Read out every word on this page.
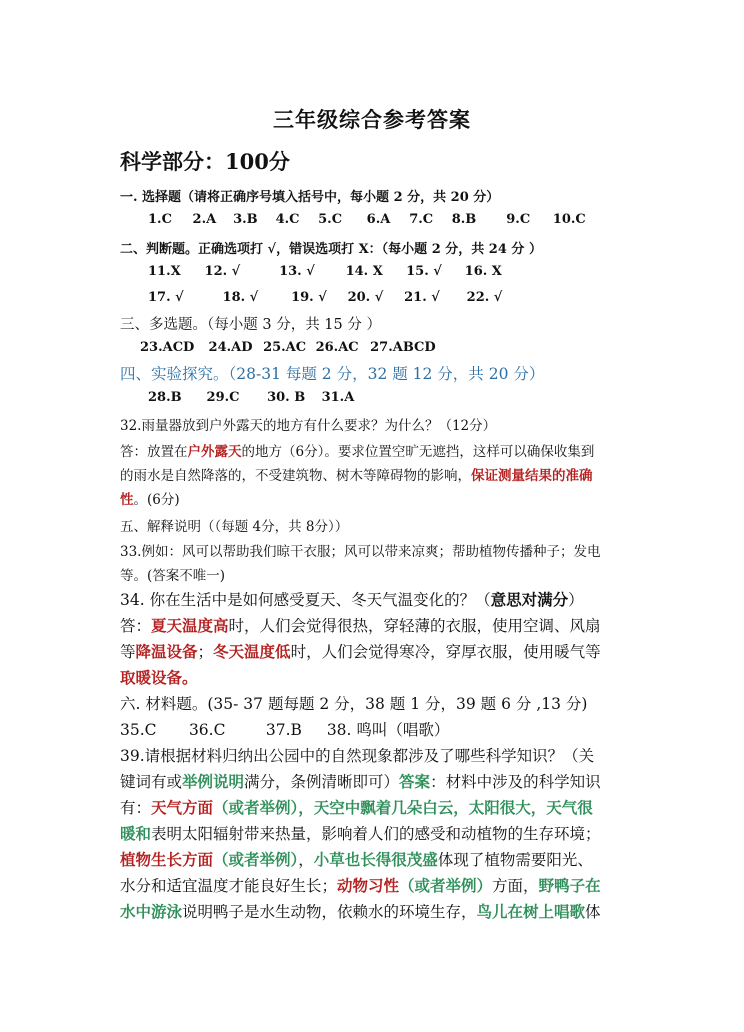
三年级综合参考答案
科学部分：100分
一. 选择题（请将正确序号填入括号中，每小题 2 分，共 20 分）
1.C 2.A 3.B 4.C 5.C 6.A 7.C 8.B 9.C 10.C
二、判断题。正确选项打 √，错误选项打 X：（每小题 2 分，共 24 分 ）
11.X 12. √	13. √ 14. X 15. √ 16. X
17. √	18. √	19. √ 20. √ 21. √ 22. √
三、多选题。（每小题 3 分，共 15 分 ）
23.ACD 24.AD 25.AC 26.AC 27.ABCD
四、实验探究。（28-31 每题 2 分，32 题 12 分，共 20 分）
28.B 29.C 30. B 31.A
32.雨量器放到户外露天的地方有什么要求？为什么？（12分）
答：放置在户外露天的地方（6分）。要求位置空旷无遮挡，这样可以确保收集到
的雨水是自然降落的，不受建筑物、树木等障碍物的影响，保证测量结果的准确
性。(6分)
五、解释说明（（每题 4分，共 8分））
33.例如：风可以帮助我们晾干衣服；风可以带来凉爽；帮助植物传播种子；发电
等。(答案不唯一)
34. 你在生活中是如何感受夏天、冬天气温变化的？（意思对满分）
答：夏天温度高时，人们会觉得很热，穿轻薄的衣服，使用空调、风扇
等降温设备；冬天温度低时，人们会觉得寒冷，穿厚衣服，使用暖气等
取暖设备。
六. 材料题。(35- 37 题每题 2 分，38 题 1 分，39 题 6 分 ,13 分)
35.C 36.C	37.B 38. 鸣叫（唱歌）
39.请根据材料归纳出公园中的自然现象都涉及了哪些科学知识？（关
键词有或举例说明满分，条例清晰即可）答案：材料中涉及的科学知识
有：天气方面（或者举例），天空中飘着几朵白云，太阳很大，天气很
暖和表明太阳辐射带来热量，影响着人们的感受和动植物的生存环境；
植物生长方面（或者举例），小草也长得很茂盛体现了植物需要阳光、
水分和适宜温度才能良好生长；动物习性（或者举例）方面，野鸭子在
水中游泳说明鸭子是水生动物，依赖水的环境生存，鸟儿在树上唱歌体
